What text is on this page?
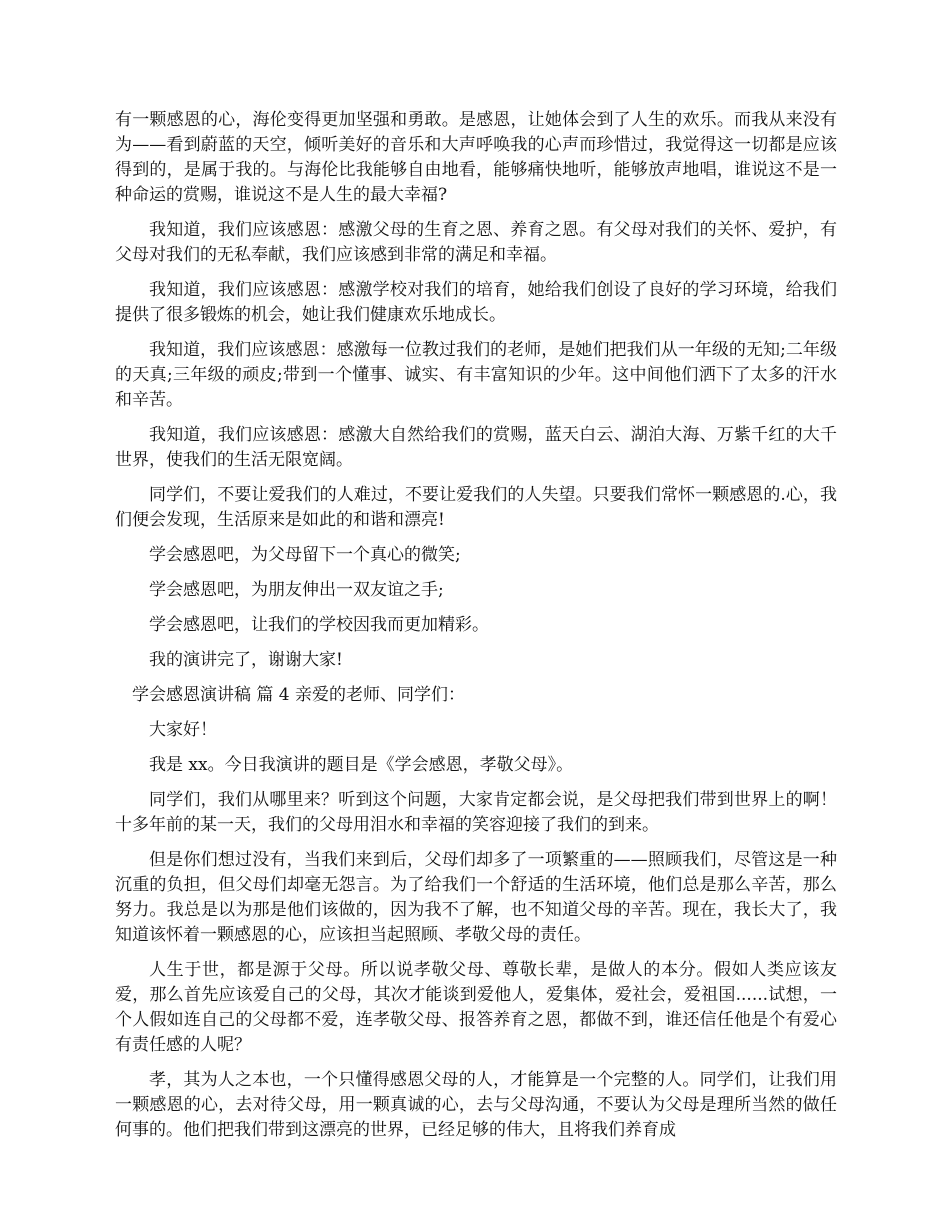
有一颗感恩的心，海伦变得更加坚强和勇敢。是感恩，让她体会到了人生的欢乐。而我从来没有为——看到蔚蓝的天空，倾听美好的音乐和大声呼唤我的心声而珍惜过，我觉得这一切都是应该得到的，是属于我的。与海伦比我能够自由地看，能够痛快地听，能够放声地唱，谁说这不是一种命运的赏赐，谁说这不是人生的最大幸福?

我知道，我们应该感恩：感激父母的生育之恩、养育之恩。有父母对我们的关怀、爱护，有父母对我们的无私奉献，我们应该感到非常的满足和幸福。

我知道，我们应该感恩：感激学校对我们的培育，她给我们创设了良好的学习环境，给我们提供了很多锻炼的机会，她让我们健康欢乐地成长。

我知道，我们应该感恩：感激每一位教过我们的老师，是她们把我们从一年级的无知;二年级的天真;三年级的顽皮;带到一个懂事、诚实、有丰富知识的少年。这中间他们洒下了太多的汗水和辛苦。

我知道，我们应该感恩：感激大自然给我们的赏赐，蓝天白云、湖泊大海、万紫千红的大千世界，使我们的生活无限宽阔。

同学们，不要让爱我们的人难过，不要让爱我们的人失望。只要我们常怀一颗感恩的.心，我们便会发现，生活原来是如此的和谐和漂亮!

学会感恩吧，为父母留下一个真心的微笑;

学会感恩吧，为朋友伸出一双友谊之手;

学会感恩吧，让我们的学校因我而更加精彩。

我的演讲完了，谢谢大家!

学会感恩演讲稿 篇 4 亲爱的老师、同学们：

大家好！

我是 xx。今日我演讲的题目是《学会感恩，孝敬父母》。

同学们，我们从哪里来？听到这个问题，大家肯定都会说，是父母把我们带到世界上的啊！十多年前的某一天，我们的父母用泪水和幸福的笑容迎接了我们的到来。

但是你们想过没有，当我们来到后，父母们却多了一项繁重的——照顾我们，尽管这是一种沉重的负担，但父母们却毫无怨言。为了给我们一个舒适的生活环境，他们总是那么辛苦，那么努力。我总是以为那是他们该做的，因为我不了解，也不知道父母的辛苦。现在，我长大了，我知道该怀着一颗感恩的心，应该担当起照顾、孝敬父母的责任。

人生于世，都是源于父母。所以说孝敬父母、尊敬长辈，是做人的本分。假如人类应该友爱，那么首先应该爱自己的父母，其次才能谈到爱他人，爱集体，爱社会，爱祖国......试想，一个人假如连自己的父母都不爱，连孝敬父母、报答养育之恩，都做不到，谁还信任他是个有爱心有责任感的人呢？

孝，其为人之本也，一个只懂得感恩父母的人，才能算是一个完整的人。同学们，让我们用一颗感恩的心，去对待父母，用一颗真诚的心，去与父母沟通，不要认为父母是理所当然的做任何事的。他们把我们带到这漂亮的世界，已经足够的伟大，且将我们养育成
